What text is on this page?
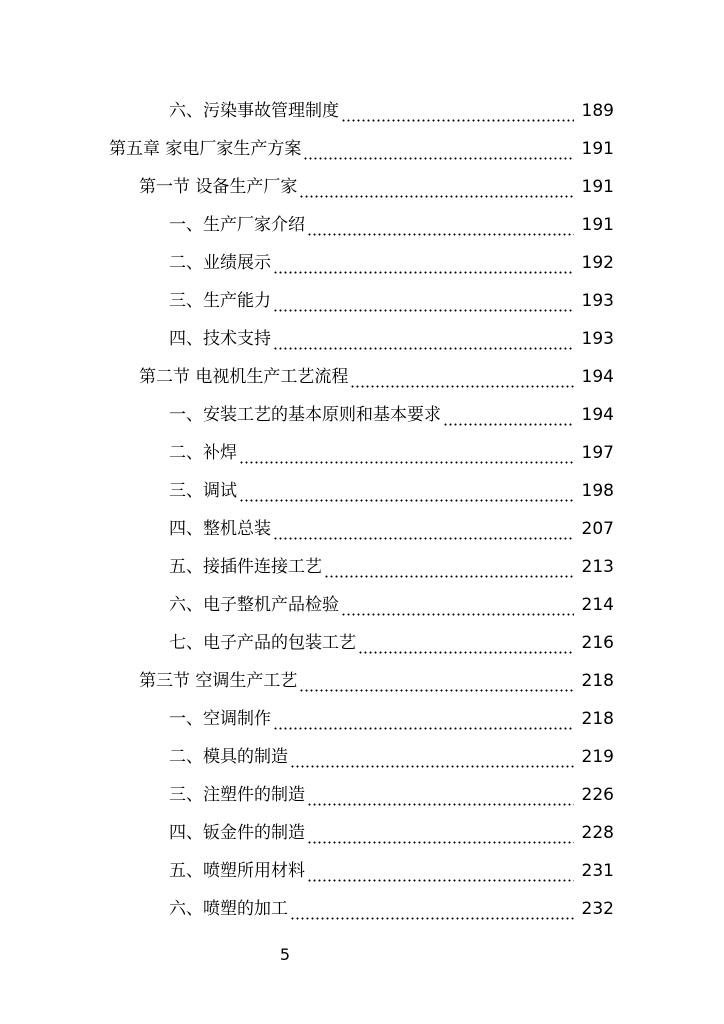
六、污染事故管理制度	189
第五章 家电厂家生产方案	191
第一节 设备生产厂家	191
一、生产厂家介绍	191
二、业绩展示	192
三、生产能力	193
四、技术支持	193
第二节 电视机生产工艺流程	194
一、安装工艺的基本原则和基本要求	194
二、补焊	197
三、调试	198
四、整机总装	207
五、接插件连接工艺	213
六、电子整机产品检验	214
七、电子产品的包装工艺	216
第三节 空调生产工艺	218
一、空调制作	218
二、模具的制造	219
三、注塑件的制造	226
四、钣金件的制造	228
五、喷塑所用材料	231
六、喷塑的加工	232
5
